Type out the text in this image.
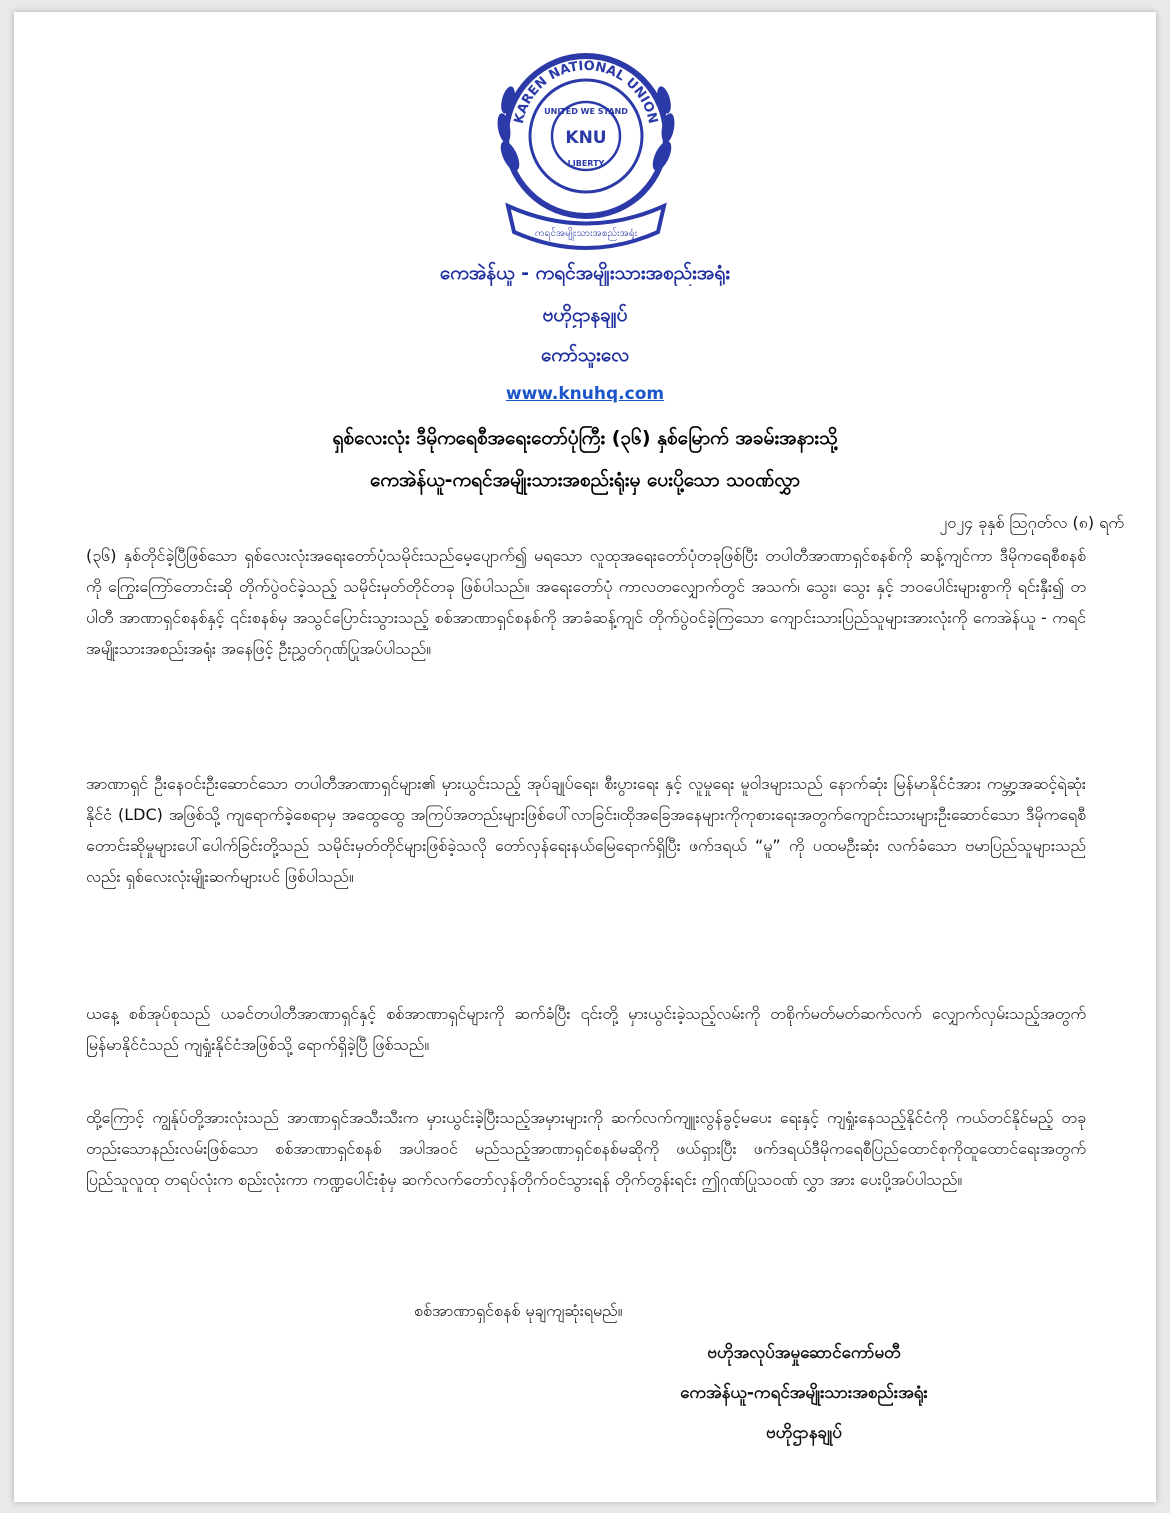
KAREN NATIONAL UNION
UNITED WE STAND
KNU
LIBERTY
ကရင်အမျိုးသားအစည်းအရုံး
ကေအဲန်ယူ - ကရင်အမျိုးသားအစည်းအရုံး
ဗဟိုဌာနချုပ်
ကော်သူးလေ
www.knuhq.com
ရှစ်လေးလုံး ဒီမိုကရေစီအရေးတော်ပုံကြီး (၃၆) နှစ်မြောက် အခမ်းအနားသို့
ကေအဲန်ယူ-ကရင်အမျိုးသားအစည်းရုံးမှ ပေးပို့သော သဝဏ်လွှာ
၂၀၂၄ ခုနှစ် ဩဂုတ်လ (၈) ရက်
(၃၆) နှစ်တိုင်ခဲ့ပြီဖြစ်သော ရှစ်လေးလုံးအရေးတော်ပုံသမိုင်းသည်မေ့ပျောက်၍ မရသော လူထုအရေးတော်ပုံတခုဖြစ်ပြီး တပါတီအာဏာရှင်စနစ်ကို ဆန့်ကျင်ကာ ဒီမိုကရေစီစနစ်ကို ကြွေးကြော်တောင်းဆို တိုက်ပွဲဝင်ခဲ့သည့် သမိုင်းမှတ်တိုင်တခု ဖြစ်ပါသည်။ အရေးတော်ပုံ ကာလတလျှောက်တွင် အသက်၊ သွေး၊ သွေး နှင့် ဘဝပေါင်းများစွာကို ရင်းနှီး၍ တပါတီ အာဏာရှင်စနစ်နှင့် ၎င်းစနစ်မှ အသွင်ပြောင်းသွားသည့် စစ်အာဏာရှင်စနစ်ကို အာခံဆန့်ကျင် တိုက်ပွဲဝင်ခဲ့ကြသော ကျောင်းသားပြည်သူများအားလုံးကို ကေအဲန်ယူ - ကရင်အမျိုးသားအစည်းအရုံး အနေဖြင့် ဦးညွှတ်ဂုဏ်ပြုအပ်ပါသည်။
အာဏာရှင် ဦးနေဝင်းဦးဆောင်သော တပါတီအာဏာရှင်များ၏ မှားယွင်းသည့် အုပ်ချုပ်ရေး၊ စီးပွားရေး နှင့် လူမှုရေး မူဝါဒများသည် နောက်ဆုံး မြန်မာနိုင်ငံအား ကမ္ဘာ့အဆင့်ရဲဆုံးနိုင်ငံ (LDC) အဖြစ်သို့ ကျရောက်ခဲ့စေရာမှ အထွေထွေ အကြပ်အတည်းများဖြစ်ပေါ်လာခြင်း၊ထိုအခြေအနေများကိုကုစားရေးအတွက်ကျောင်းသားများဦးဆောင်သော ဒီမိုကရေစီ တောင်းဆိုမှုများပေါ်ပေါက်ခြင်းတို့သည် သမိုင်းမှတ်တိုင်များဖြစ်ခဲ့သလို တော်လှန်ရေးနယ်မြေရောက်ရှိပြီး ဖက်ဒရယ် “မူ” ကို ပထမဦးဆုံး လက်ခံသော ဗမာပြည်သူများသည်လည်း ရှစ်လေးလုံးမျိုးဆက်များပင် ဖြစ်ပါသည်။
ယနေ့ စစ်အုပ်စုသည် ယခင်တပါတီအာဏာရှင်နှင့် စစ်အာဏာရှင်များကို ဆက်ခံပြီး ၎င်းတို့ မှားယွင်းခဲ့သည့်လမ်းကို တစိုက်မတ်မတ်ဆက်လက် လျှောက်လှမ်းသည့်အတွက် မြန်မာနိုင်ငံသည် ကျရှုံးနိုင်ငံအဖြစ်သို့ ရောက်ရှိခဲ့ပြီ ဖြစ်သည်။
ထို့ကြောင့် ကျွန်ုပ်တို့အားလုံးသည် အာဏာရှင်အသီးသီးက မှားယွင်းခဲ့ပြီးသည့်အမှားများကို ဆက်လက်ကျူးလွန်ခွင့်မပေး ရေးနှင့် ကျရှုံးနေသည့်နိုင်ငံကို ကယ်တင်နိုင်မည့် တခုတည်းသောနည်းလမ်းဖြစ်သော စစ်အာဏာရှင်စနစ် အပါအဝင် မည်သည့်အာဏာရှင်စနစ်မဆိုကို ဖယ်ရှားပြီး ဖက်ဒရယ်ဒီမိုကရေစီပြည်ထောင်စုကိုထူထောင်ရေးအတွက် ပြည်သူလူထု တရပ်လုံးက စည်းလုံးကာ ကဏ္ဍပေါင်းစုံမှ ဆက်လက်တော်လှန်တိုက်ဝင်သွားရန် တိုက်တွန်းရင်း ဤဂုဏ်ပြုသဝဏ် လွှာ အား ပေးပို့အပ်ပါသည်။
စစ်အာဏာရှင်စနစ် မုချကျဆုံးရမည်။
ဗဟိုအလုပ်အမှုဆောင်ကော်မတီ
ကေအဲန်ယူ-ကရင်အမျိုးသားအစည်းအရုံး
ဗဟိုဌာနချုပ်
